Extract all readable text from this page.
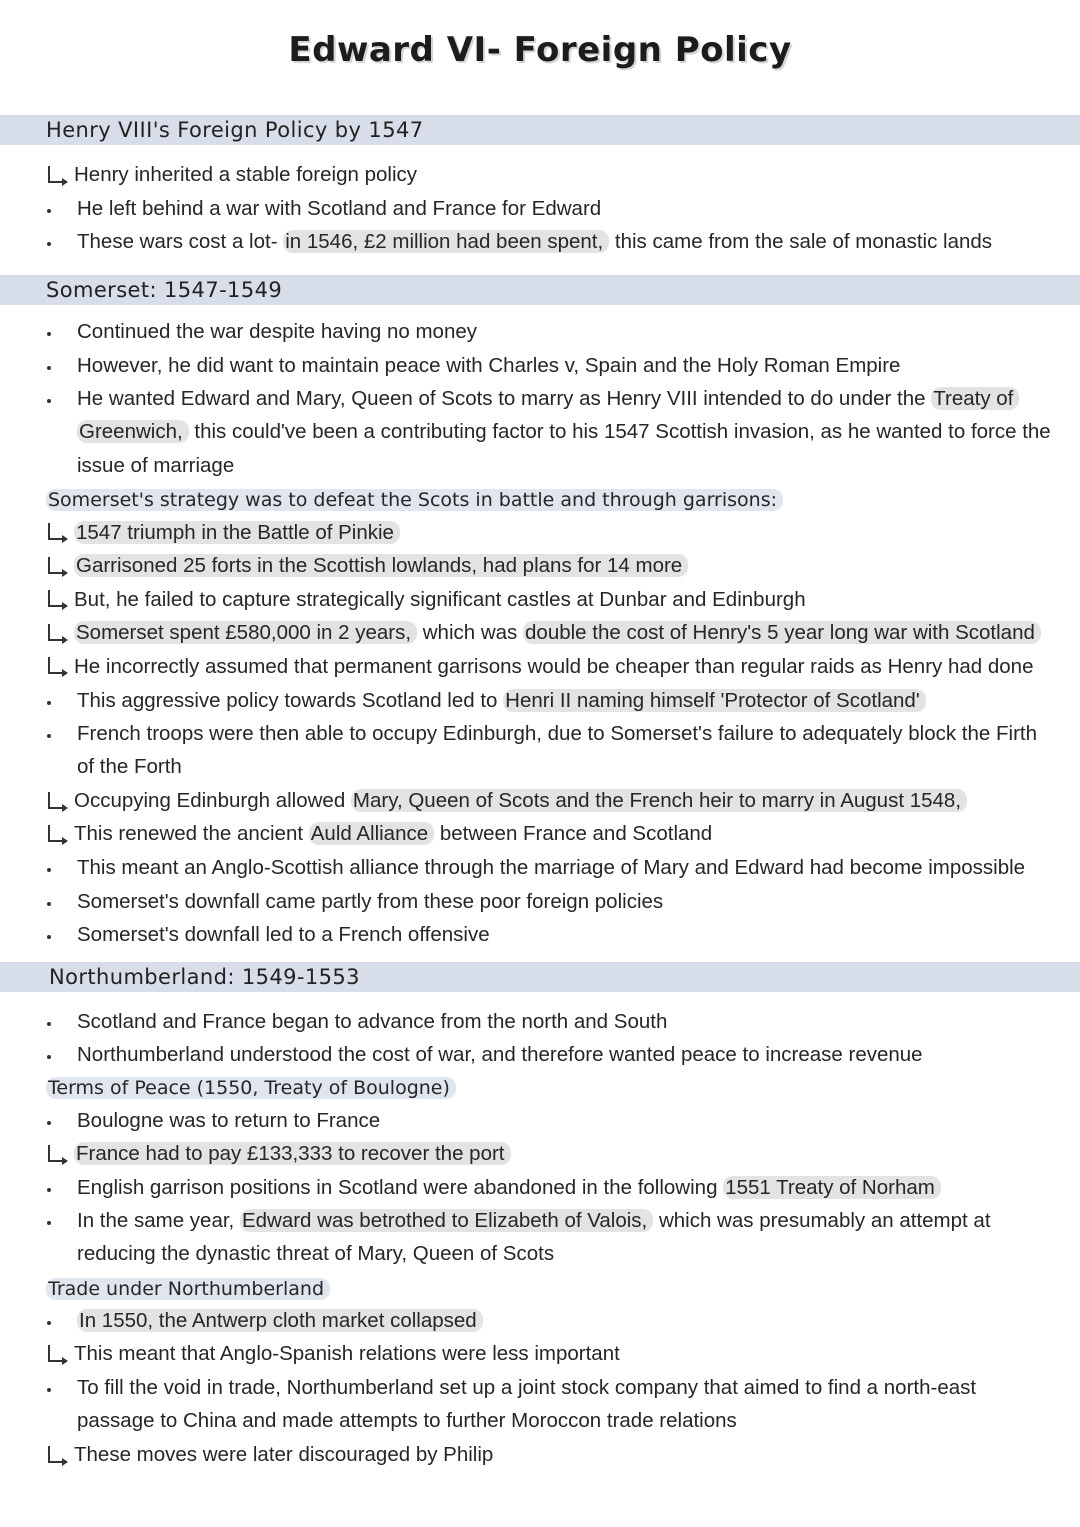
Edward VI- Foreign Policy
Henry VIII's Foreign Policy by 1547
Henry inherited a stable foreign policy
He left behind a war with Scotland and France for Edward
These wars cost a lot- in 1546, £2 million had been spent, this came from the sale of monastic lands
Somerset: 1547-1549
Continued the war despite having no money
However, he did want to maintain peace with Charles v, Spain and the Holy Roman Empire
He wanted Edward and Mary, Queen of Scots to marry as Henry VIII intended to do under the Treaty of
Greenwich, this could've been a contributing factor to his 1547 Scottish invasion, as he wanted to force the
issue of marriage
Somerset's strategy was to defeat the Scots in battle and through garrisons:
1547 triumph in the Battle of Pinkie
Garrisoned 25 forts in the Scottish lowlands, had plans for 14 more
But, he failed to capture strategically significant castles at Dunbar and Edinburgh
Somerset spent £580,000 in 2 years, which was double the cost of Henry's 5 year long war with Scotland
He incorrectly assumed that permanent garrisons would be cheaper than regular raids as Henry had done
This aggressive policy towards Scotland led to Henri II naming himself 'Protector of Scotland'
French troops were then able to occupy Edinburgh, due to Somerset's failure to adequately block the Firth
of the Forth
Occupying Edinburgh allowed Mary, Queen of Scots and the French heir to marry in August 1548,
This renewed the ancient Auld Alliance between France and Scotland
This meant an Anglo-Scottish alliance through the marriage of Mary and Edward had become impossible
Somerset's downfall came partly from these poor foreign policies
Somerset's downfall led to a French offensive
Northumberland: 1549-1553
Scotland and France began to advance from the north and South
Northumberland understood the cost of war, and therefore wanted peace to increase revenue
Terms of Peace (1550, Treaty of Boulogne)
Boulogne was to return to France
France had to pay £133,333 to recover the port
English garrison positions in Scotland were abandoned in the following 1551 Treaty of Norham
In the same year, Edward was betrothed to Elizabeth of Valois, which was presumably an attempt at
reducing the dynastic threat of Mary, Queen of Scots
Trade under Northumberland
In 1550, the Antwerp cloth market collapsed
This meant that Anglo-Spanish relations were less important
To fill the void in trade, Northumberland set up a joint stock company that aimed to find a north-east
passage to China and made attempts to further Moroccon trade relations
These moves were later discouraged by Philip
